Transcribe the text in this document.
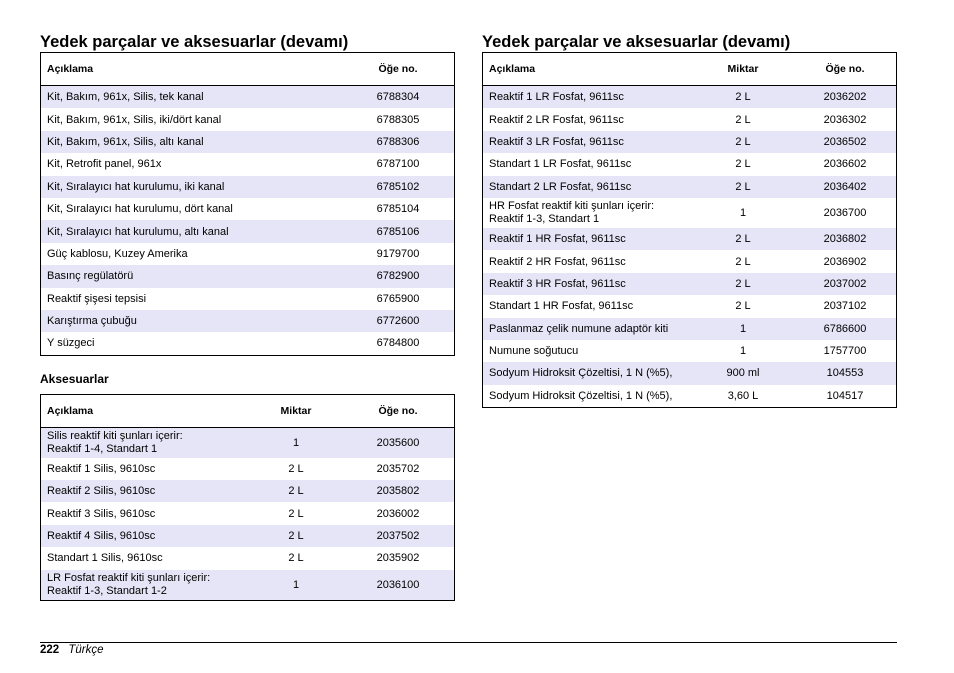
Yedek parçalar ve aksesuarlar (devamı)
Açıklama	Öğe no.
Kit, Bakım, 961x, Silis, tek kanal	6788304
Kit, Bakım, 961x, Silis, iki/dört kanal	6788305
Kit, Bakım, 961x, Silis, altı kanal	6788306
Kit, Retrofit panel, 961x	6787100
Kit, Sıralayıcı hat kurulumu, iki kanal	6785102
Kit, Sıralayıcı hat kurulumu, dört kanal	6785104
Kit, Sıralayıcı hat kurulumu, altı kanal	6785106
Güç kablosu, Kuzey Amerika	9179700
Basınç regülatörü	6782900
Reaktif şişesi tepsisi	6765900
Karıştırma çubuğu	6772600
Y süzgeci	6784800
Aksesuarlar
Açıklama	Miktar	Öğe no.

Silis reaktif kiti şunları içerir:
Reaktif 1-4, Standart 1	1	2035600

Reaktif 1 Silis, 9610sc	2 L	2035702

Reaktif 2 Silis, 9610sc	2 L	2035802

Reaktif 3 Silis, 9610sc	2 L	2036002

Reaktif 4 Silis, 9610sc	2 L	2037502

Standart 1 Silis, 9610sc	2 L	2035902

LR Fosfat reaktif kiti şunları içerir:
Reaktif 1-3, Standart 1-2	1	2036100
Yedek parçalar ve aksesuarlar (devamı)
Açıklama	Miktar	Öğe no.

Reaktif 1 LR Fosfat, 9611sc	2 L	2036202

Reaktif 2 LR Fosfat, 9611sc	2 L	2036302

Reaktif 3 LR Fosfat, 9611sc	2 L	2036502

Standart 1 LR Fosfat, 9611sc	2 L	2036602

Standart 2 LR Fosfat, 9611sc	2 L	2036402

HR Fosfat reaktif kiti şunları içerir:
Reaktif 1-3, Standart 1	1	2036700

Reaktif 1 HR Fosfat, 9611sc	2 L	2036802

Reaktif 2 HR Fosfat, 9611sc	2 L	2036902

Reaktif 3 HR Fosfat, 9611sc	2 L	2037002

Standart 1 HR Fosfat, 9611sc	2 L	2037102

Paslanmaz çelik numune adaptör kiti	1	6786600

Numune soğutucu	1	1757700

Sodyum Hidroksit Çözeltisi, 1 N (%5),	900 ml	104553

Sodyum Hidroksit Çözeltisi, 1 N (%5),	3,60 L	104517
222 Türkçe
